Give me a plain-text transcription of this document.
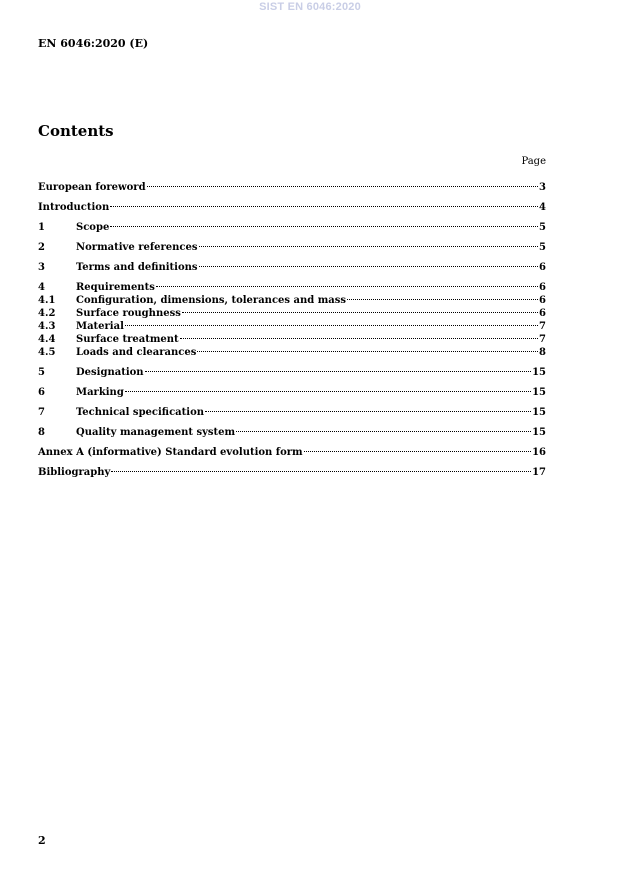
SIST EN 6046:2020
EN 6046:2020 (E)
Contents
Page
European foreword	3
Introduction	4
1	Scope	5
2	Normative references	5
3	Terms and definitions	6
4	Requirements	6
4.1	Configuration, dimensions, tolerances and mass	6
4.2	Surface roughness	6
4.3	Material	7
4.4	Surface treatment	7
4.5	Loads and clearances	8
5	Designation	15
6	Marking	15
7	Technical specification	15
8	Quality management system	15
Annex A (informative) Standard evolution form	16
Bibliography	17
2
